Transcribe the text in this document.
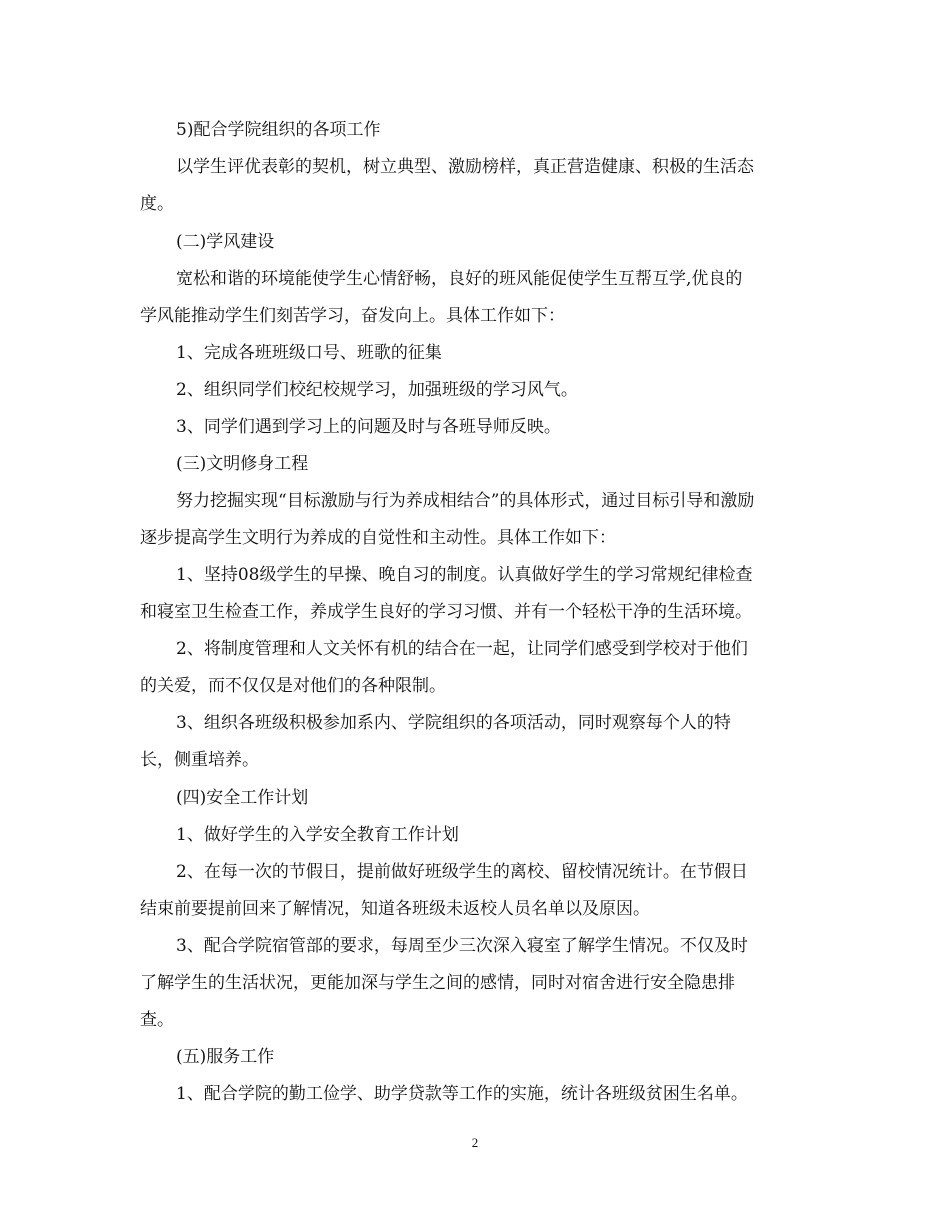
5)配合学院组织的各项工作
以学生评优表彰的契机，树立典型、激励榜样，真正营造健康、积极的生活态
度。
(二)学风建设
宽松和谐的环境能使学生心情舒畅，良好的班风能促使学生互帮互学,优良的
学风能推动学生们刻苦学习，奋发向上。具体工作如下：
1、完成各班班级口号、班歌的征集
2、组织同学们校纪校规学习，加强班级的学习风气。
3、同学们遇到学习上的问题及时与各班导师反映。
(三)文明修身工程
努力挖掘实现“目标激励与行为养成相结合”的具体形式，通过目标引导和激励
逐步提高学生文明行为养成的自觉性和主动性。具体工作如下：
1、坚持08级学生的早操、晚自习的制度。认真做好学生的学习常规纪律检查
和寝室卫生检查工作，养成学生良好的学习习惯、并有一个轻松干净的生活环境。
2、将制度管理和人文关怀有机的结合在一起，让同学们感受到学校对于他们
的关爱，而不仅仅是对他们的各种限制。
3、组织各班级积极参加系内、学院组织的各项活动，同时观察每个人的特
长，侧重培养。
(四)安全工作计划
1、做好学生的入学安全教育工作计划
2、在每一次的节假日，提前做好班级学生的离校、留校情况统计。在节假日
结束前要提前回来了解情况，知道各班级未返校人员名单以及原因。
3、配合学院宿管部的要求，每周至少三次深入寝室了解学生情况。不仅及时
了解学生的生活状况，更能加深与学生之间的感情，同时对宿舍进行安全隐患排
查。
(五)服务工作
1、配合学院的勤工俭学、助学贷款等工作的实施，统计各班级贫困生名单。
2
